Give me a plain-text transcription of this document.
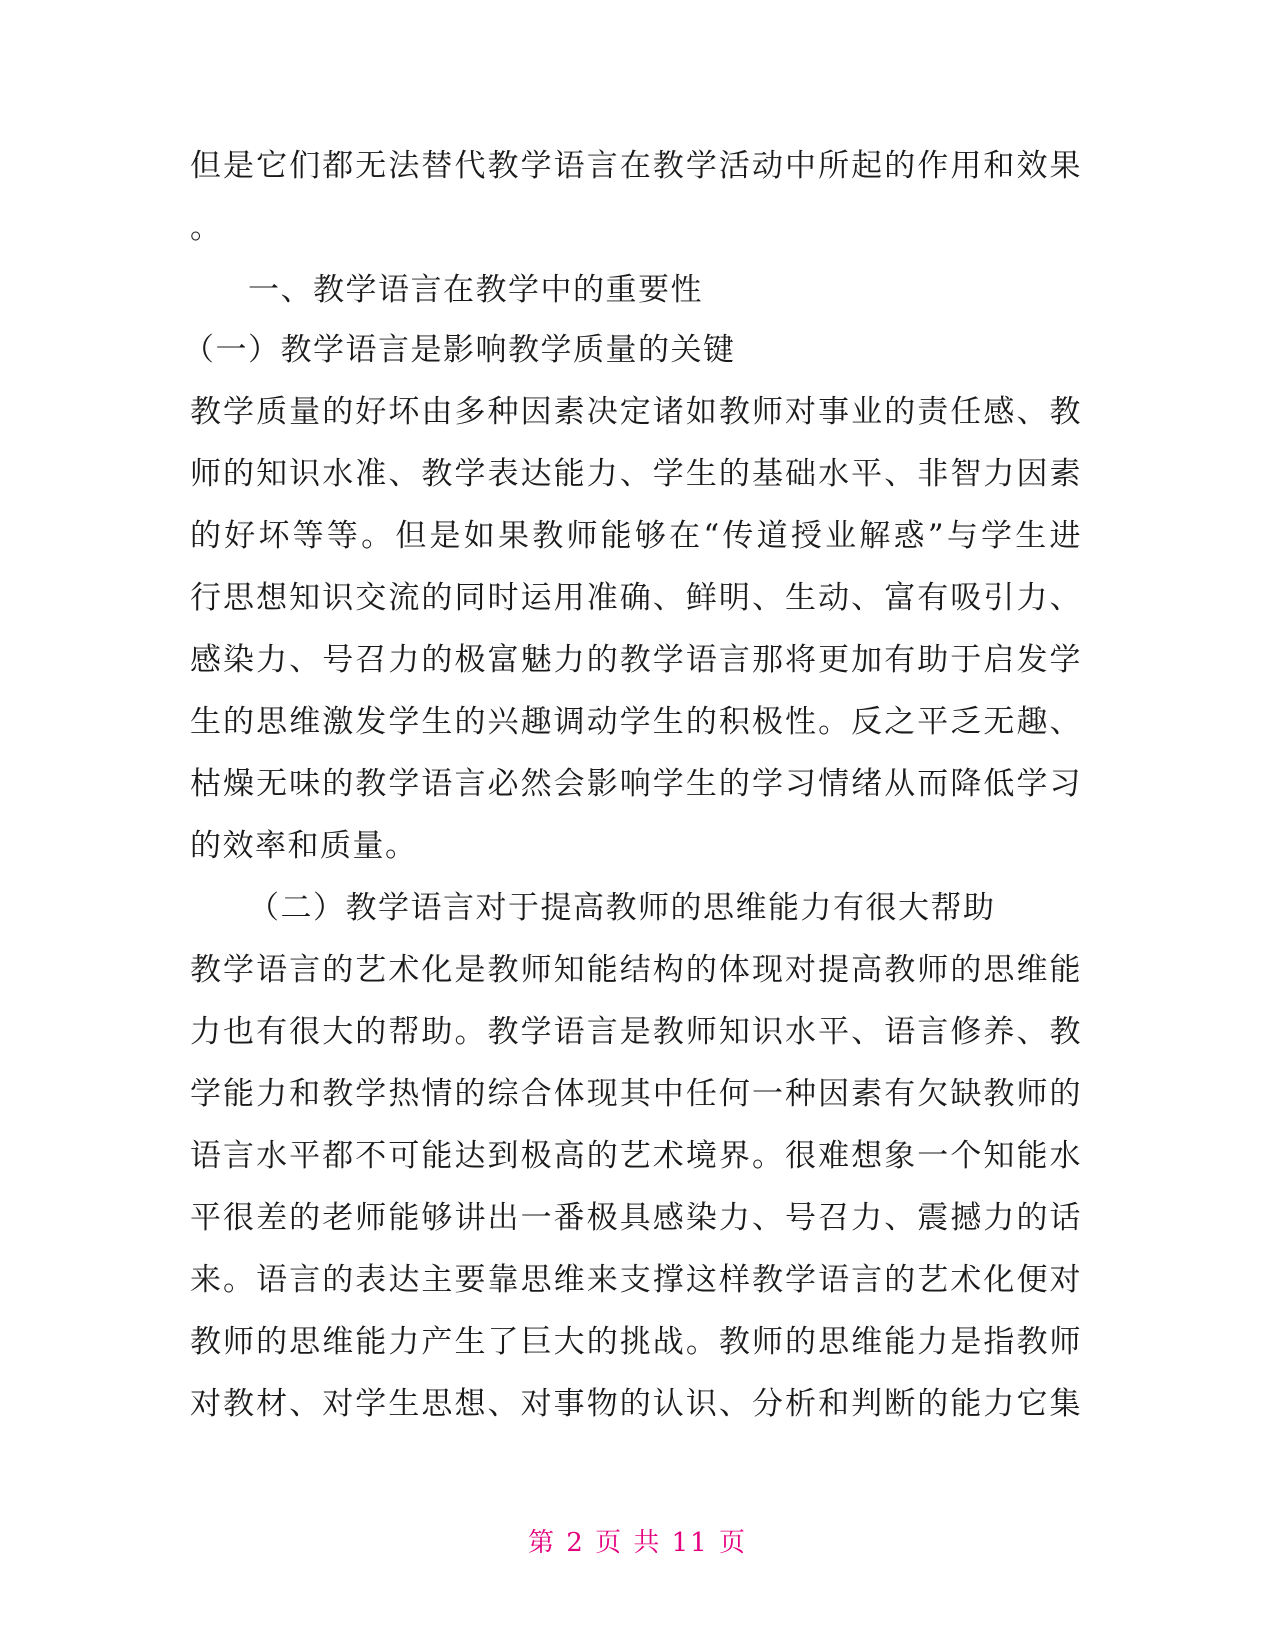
但是它们都无法替代教学语言在教学活动中所起的作用和效果
。
一、教学语言在教学中的重要性
（一）教学语言是影响教学质量的关键
教学质量的好坏由多种因素决定诸如教师对事业的责任感、教
师的知识水准、教学表达能力、学生的基础水平、非智力因素
的好坏等等。但是如果教师能够在“传道授业解惑”与学生进
行思想知识交流的同时运用准确、鲜明、生动、富有吸引力、
感染力、号召力的极富魅力的教学语言那将更加有助于启发学
生的思维激发学生的兴趣调动学生的积极性。反之平乏无趣、
枯燥无味的教学语言必然会影响学生的学习情绪从而降低学习
的效率和质量。
（二）教学语言对于提高教师的思维能力有很大帮助
教学语言的艺术化是教师知能结构的体现对提高教师的思维能
力也有很大的帮助。教学语言是教师知识水平、语言修养、教
学能力和教学热情的综合体现其中任何一种因素有欠缺教师的
语言水平都不可能达到极高的艺术境界。很难想象一个知能水
平很差的老师能够讲出一番极具感染力、号召力、震撼力的话
来。语言的表达主要靠思维来支撑这样教学语言的艺术化便对
教师的思维能力产生了巨大的挑战。教师的思维能力是指教师
对教材、对学生思想、对事物的认识、分析和判断的能力它集
第 2 页 共 11 页
